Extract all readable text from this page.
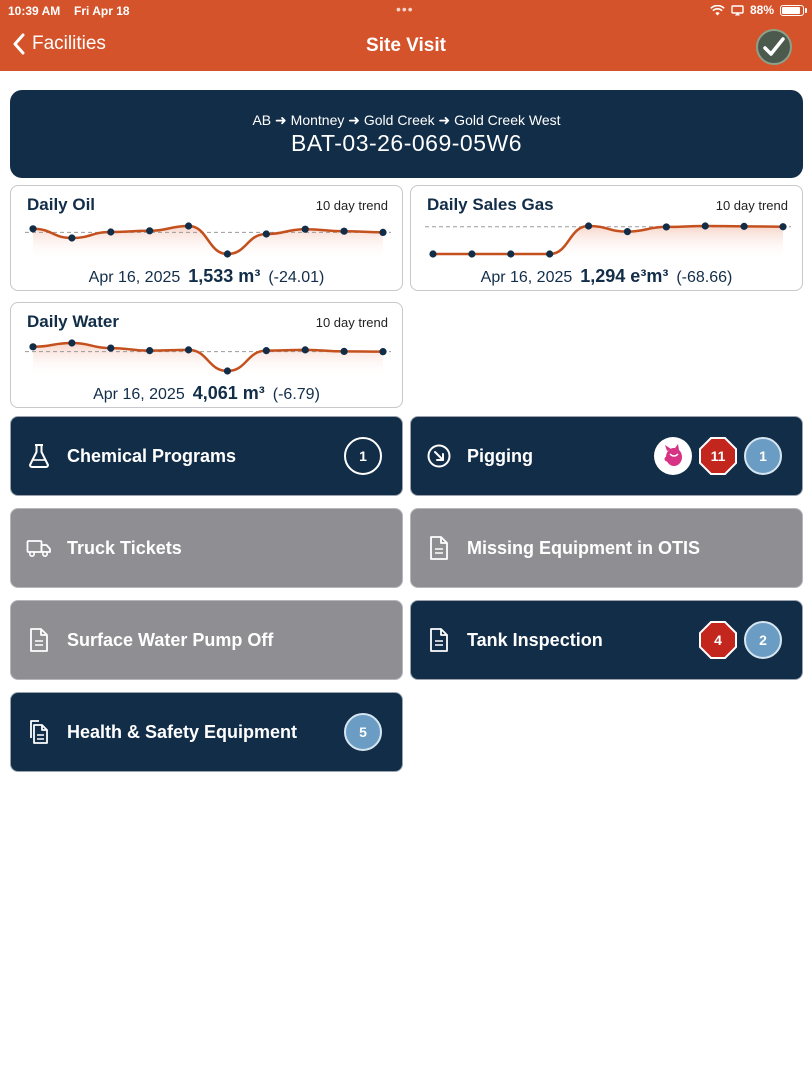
10:39 AM Fri Apr 18	•••	88%
Facilities	Site Visit
AB ➜ Montney ➜ Gold Creek ➜ Gold Creek West
BAT-03-26-069-05W6
Daily Oil	10 day trend
Apr 16, 2025 1,533 m³ (-24.01)
Daily Sales Gas	10 day trend
Apr 16, 2025 1,294 e³m³ (-68.66)
Daily Water	10 day trend
Apr 16, 2025 4,061 m³ (-6.79)
Chemical Programs	1	Pigging	11	1
Truck Tickets	Missing Equipment in OTIS
Surface Water Pump Off	Tank Inspection	4	2
Health & Safety Equipment	5
